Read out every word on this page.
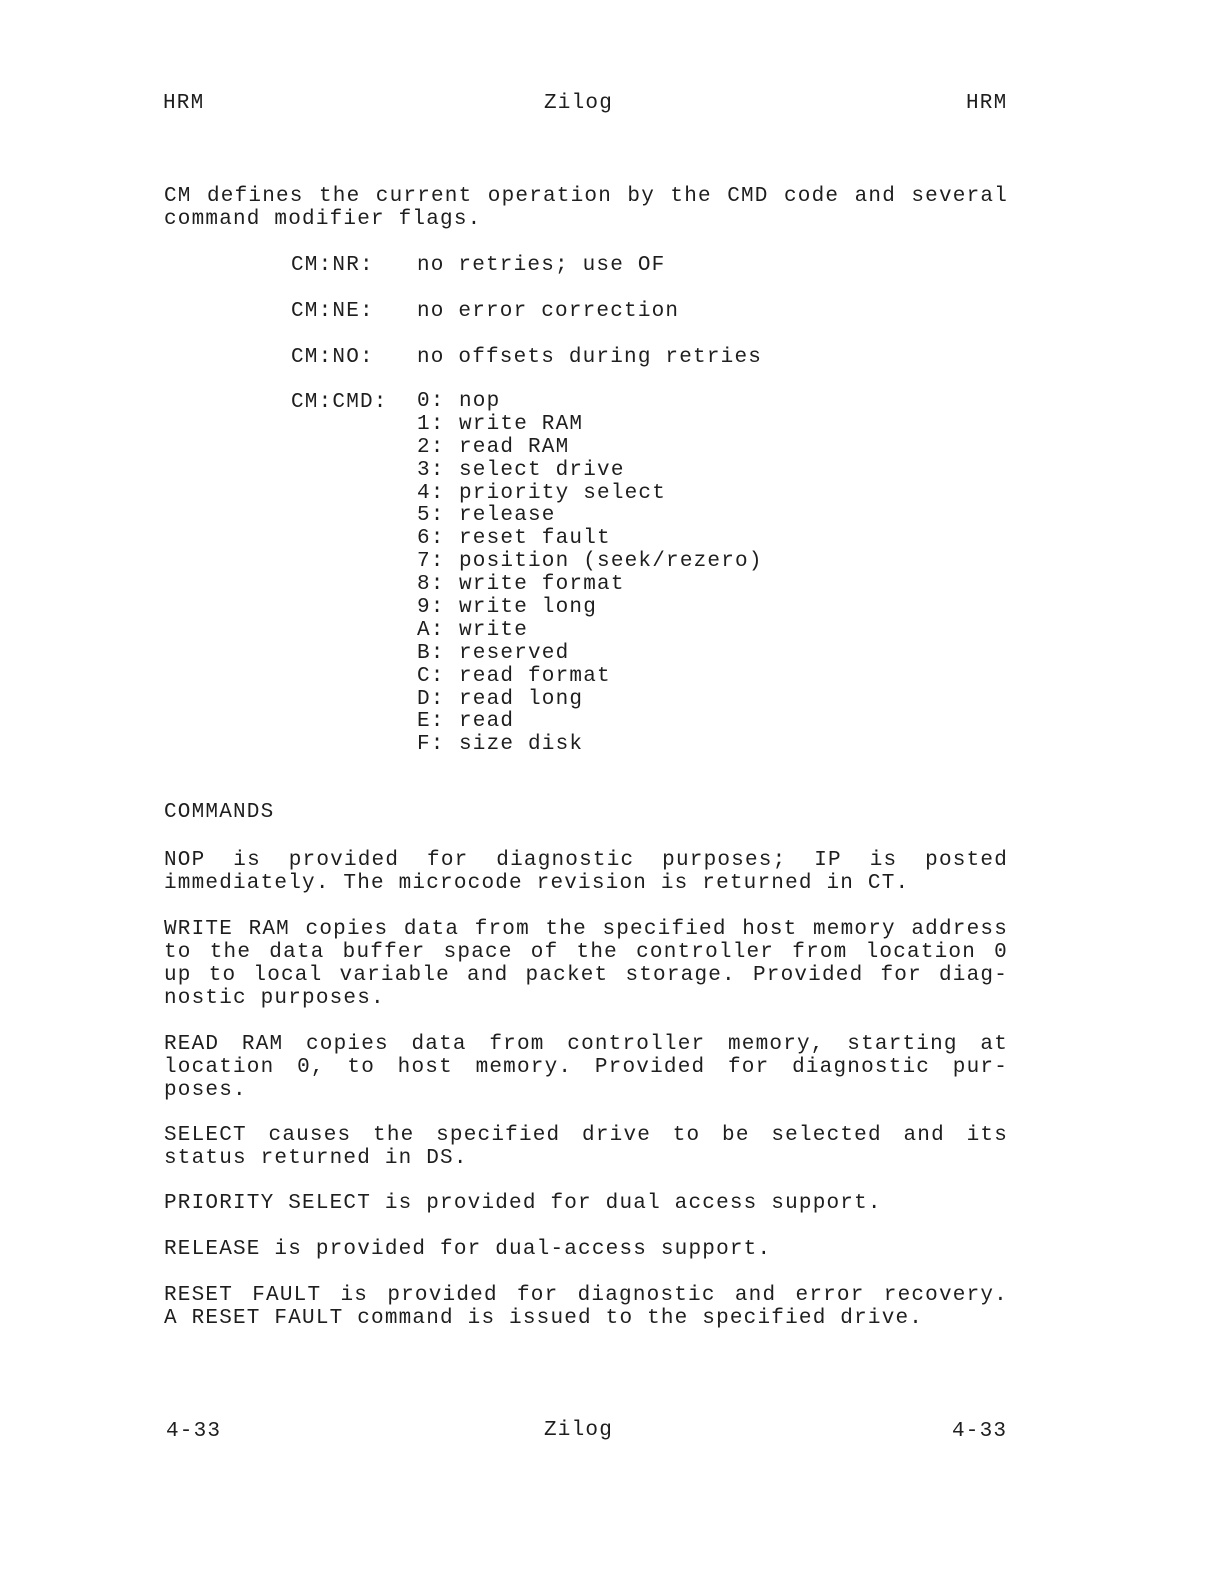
HRM	Zilog	HRM
CM defines the current operation by the CMD code and several
command modifier flags.
CM:NR: no retries; use OF
CM:NE: no error correction
CM:NO: no offsets during retries
CM:CMD: 0: nop
1: write RAM
2: read RAM
3: select drive
4: priority select
5: release
6: reset fault
7: position (seek/rezero)
8: write format
9: write long
A: write
B: reserved
C: read format
D: read long
E: read
F: size disk
COMMANDS
NOP is provided for diagnostic purposes; IP is posted
immediately. The microcode revision is returned in CT.
WRITE RAM copies data from the specified host memory address
to the data buffer space of the controller from location 0
up to local variable and packet storage. Provided for diag-
nostic purposes.
READ RAM copies data from controller memory, starting at
location 0, to host memory. Provided for diagnostic pur-
poses.
SELECT causes the specified drive to be selected and its
status returned in DS.
PRIORITY SELECT is provided for dual access support.
RELEASE is provided for dual-access support.
RESET FAULT is provided for diagnostic and error recovery.
A RESET FAULT command is issued to the specified drive.
4-33	Zilog	4-33
